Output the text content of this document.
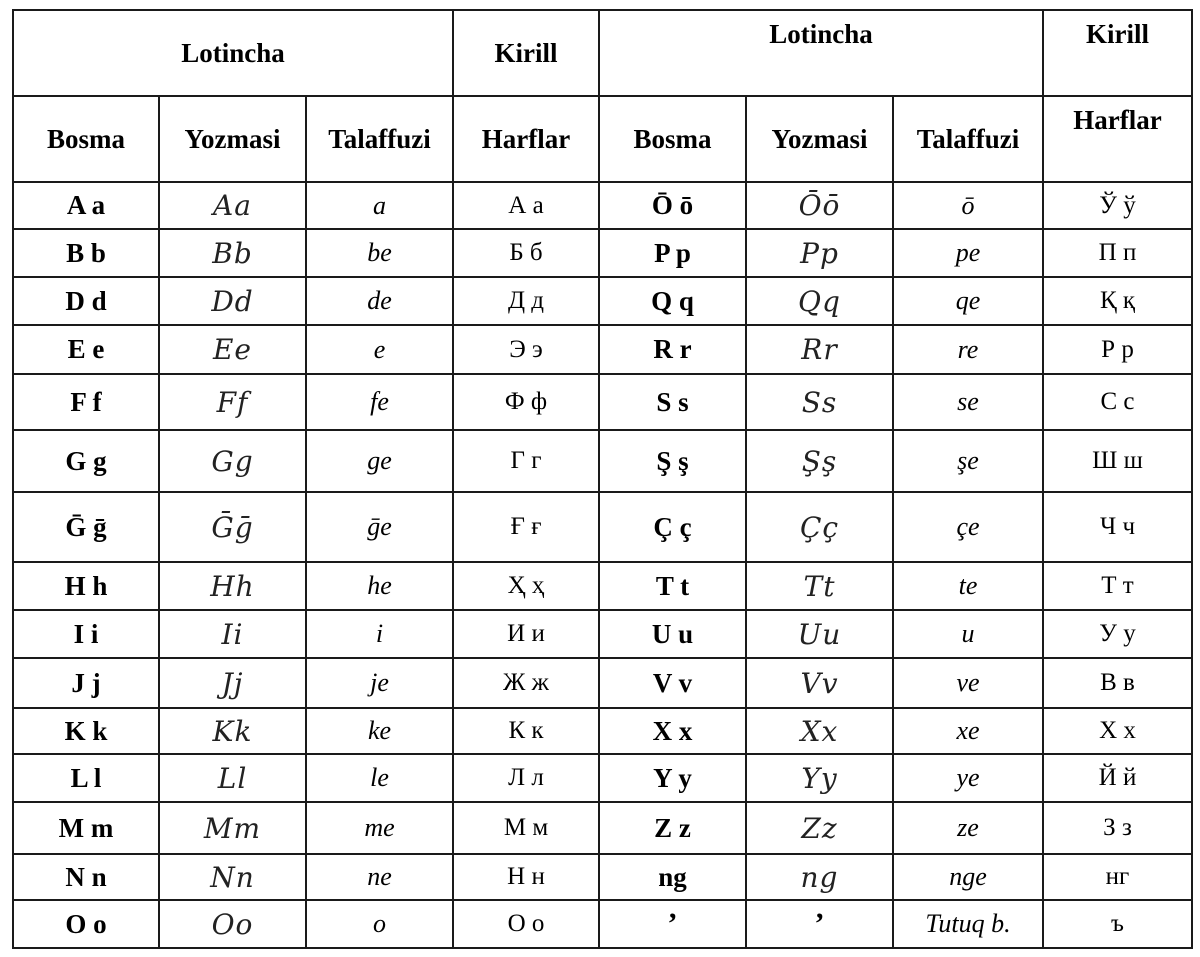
Lotincha			Kirill	Lotincha			Kirill
Bosma	Yozmasi	Talaffuzi	Harflar	Bosma	Yozmasi	Talaffuzi	Harflar
A a	Aa	a	А а	Ō ō	Ōō	ō	Ў ў
B b	Bb	be	Б б	P p	Pp	pe	П п
D d	Dd	de	Д д	Q q	Qq	qe	Қ қ
E e	Ee	e	Э э	R r	Rr	re	Р р
F f	Ff	fe	Ф ф	S s	Ss	se	С с
G g	Gg	ge	Г г	Ş ş	Şş	şe	Ш ш
Ḡ ḡ	Ḡḡ	ḡe	Ғ ғ	Ç ç	Çç	çe	Ч ч
H h	Hh	he	Ҳ ҳ	T t	Tt	te	Т т
I i	Ii	i	И и	U u	Uu	u	У у
J j	Jj	je	Ж ж	V v	Vv	ve	В в
K k	Kk	ke	К к	X x	Xx	xe	Х х
L l	Ll	le	Л л	Y y	Yy	ye	Й й
M m	Mm	me	М м	Z z	Zz	ze	З з
N n	Nn	ne	Н н	ng	ng	nge	нг
O o	Oo	o	О о	’	’	Tutuq b.	ъ
